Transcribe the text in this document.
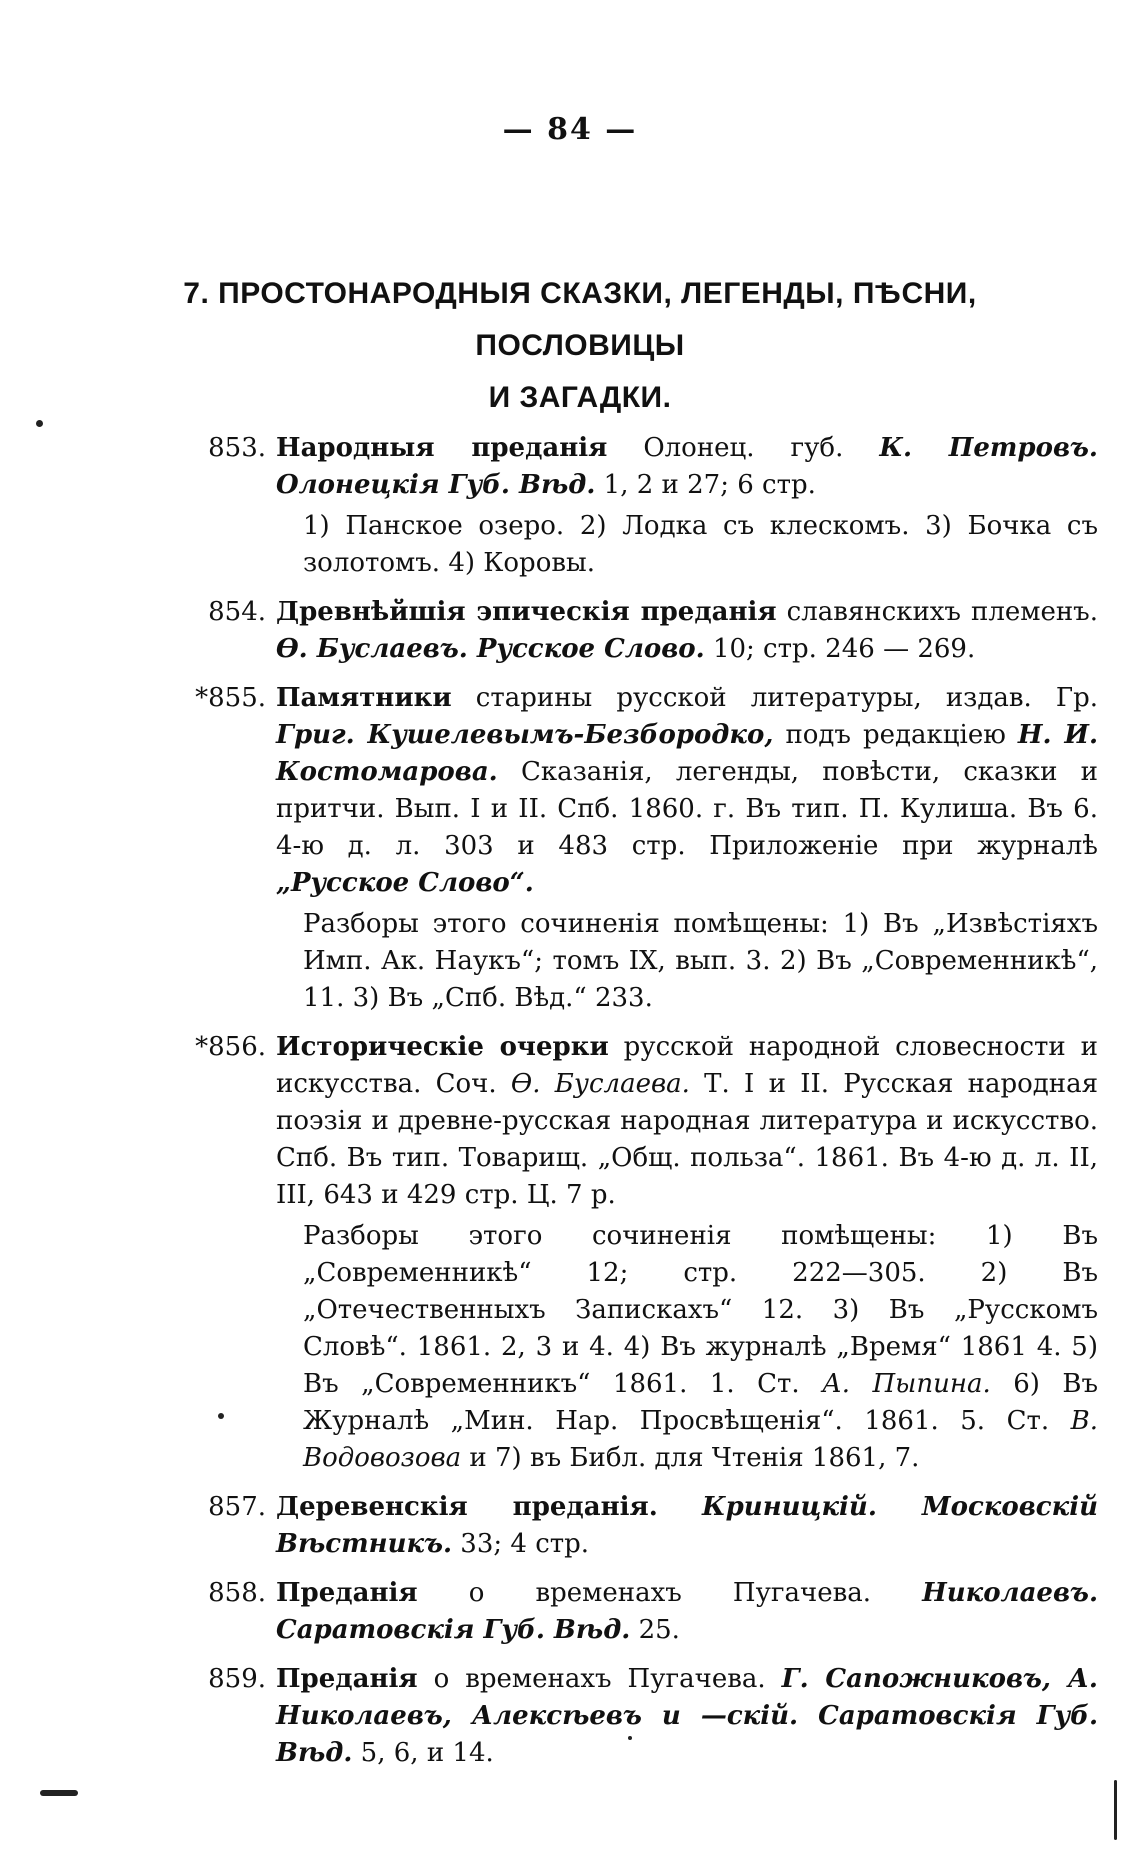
— 84 —
7. ПРОСТОНАРОДНЫЯ СКАЗКИ, ЛЕГЕНДЫ, ПѢСНИ, ПОСЛОВИЦЫ
И ЗАГАДКИ.
853. Народныя преданія Олонец. губ. К. Петровъ. Олонецкія Губ. Вѣд. 1, 2 и 27; 6 стр.
1) Панское озеро. 2) Лодка съ клескомъ. 3) Бочка съ золотомъ. 4) Коровы.
854. Древнѣйшія эпическія преданія славянскихъ племенъ. Ѳ. Буслаевъ. Русское Слово. 10; стр. 246 — 269.
*855. Памятники старины русской литературы, издав. Гр. Григ. Кушелевымъ-Безбородко, подъ редакціею Н. И. Костомарова. Сказанія, легенды, повѣсти, сказки и притчи. Вып. I и II. Спб. 1860. г. Въ тип. П. Кулиша. Въ 6. 4-ю д. л. 303 и 483 стр. Приложеніе при журналѣ „Русское Слово“.
Разборы этого сочиненія помѣщены: 1) Въ „Извѣстіяхъ Имп. Ак. Наукъ“; томъ IX, вып. 3. 2) Въ „Современникѣ“, 11. 3) Въ „Спб. Вѣд.“ 233.
*856. Историческіе очерки русской народной словесности и искусства. Соч. Ѳ. Буслаева. Т. I и II. Русская народная поэзія и древне-русская народная литература и искусство. Спб. Въ тип. Товарищ. „Общ. польза“. 1861. Въ 4-ю д. л. II, III, 643 и 429 стр. Ц. 7 р.
Разборы этого сочиненія помѣщены: 1) Въ „Современникѣ“ 12; стр. 222—305. 2) Въ „Отечественныхъ Запискахъ“ 12. 3) Въ „Русскомъ Словѣ“. 1861. 2, 3 и 4. 4) Въ журналѣ „Время“ 1861 4. 5) Въ „Современникъ“ 1861. 1. Ст. А. Пыпина. 6) Въ Журналѣ „Мин. Нар. Просвѣщенія“. 1861. 5. Ст. В. Водовозова и 7) въ Библ. для Чтенія 1861, 7.
857. Деревенскія преданія. Криницкій. Московскій Вѣстникъ. 33; 4 стр.
858. Преданія о временахъ Пугачева. Николаевъ. Саратовскія Губ. Вѣд. 25.
859. Преданія о временахъ Пугачева. Г. Сапожниковъ, А. Николаевъ, Алексѣевъ и —скій. Саратовскія Губ. Вѣд. 5, 6, и 14.
